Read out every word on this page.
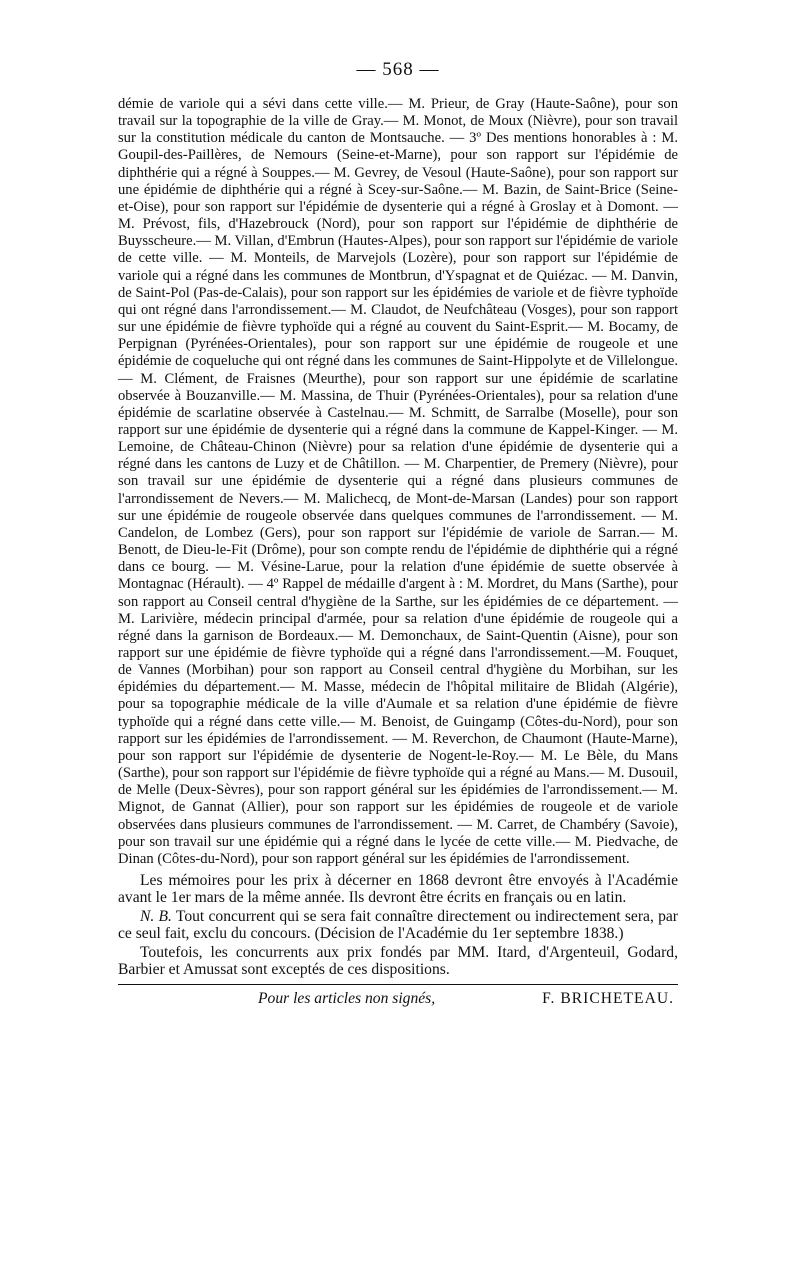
— 568 —

démie de variole qui a sévi dans cette ville.— M. Prieur, de Gray (Haute-Saône), pour son travail sur la topographie de la ville de Gray.— M. Monot, de Moux (Nièvre), pour son travail sur la constitution médicale du canton de Montsauche. — 3º Des mentions honorables à : M. Goupil-des-Paillères, de Nemours (Seine-et-Marne), pour son rapport sur l'épidémie de diphthérie qui a régné à Souppes.— M. Gevrey, de Vesoul (Haute-Saône), pour son rapport sur une épidémie de diphthérie qui a régné à Scey-sur-Saône.— M. Bazin, de Saint-Brice (Seine-et-Oise), pour son rapport sur l'épidémie de dysenterie qui a régné à Groslay et à Domont. — M. Prévost, fils, d'Hazebrouck (Nord), pour son rapport sur l'épidémie de diphthérie de Buysscheure.— M. Villan, d'Embrun (Hautes-Alpes), pour son rapport sur l'épidémie de variole de cette ville. — M. Monteils, de Marvejols (Lozère), pour son rapport sur l'épidémie de variole qui a régné dans les communes de Montbrun, d'Yspagnat et de Quiézac. — M. Danvin, de Saint-Pol (Pas-de-Calais), pour son rapport sur les épidémies de variole et de fièvre typhoïde qui ont régné dans l'arrondissement.— M. Claudot, de Neufchâteau (Vosges), pour son rapport sur une épidémie de fièvre typhoïde qui a régné au couvent du Saint-Esprit.— M. Bocamy, de Perpignan (Pyrénées-Orientales), pour son rapport sur une épidémie de rougeole et une épidémie de coqueluche qui ont régné dans les communes de Saint-Hippolyte et de Villelongue.— M. Clément, de Fraisnes (Meurthe), pour son rapport sur une épidémie de scarlatine observée à Bouzanville.— M. Massina, de Thuir (Pyrénées-Orientales), pour sa relation d'une épidémie de scarlatine observée à Castelnau.— M. Schmitt, de Sarralbe (Moselle), pour son rapport sur une épidémie de dysenterie qui a régné dans la commune de Kappel-Kinger. — M. Lemoine, de Château-Chinon (Nièvre) pour sa relation d'une épidémie de dysenterie qui a régné dans les cantons de Luzy et de Châtillon. — M. Charpentier, de Premery (Nièvre), pour son travail sur une épidémie de dysenterie qui a régné dans plusieurs communes de l'arrondissement de Nevers.— M. Malichecq, de Mont-de-Marsan (Landes) pour son rapport sur une épidémie de rougeole observée dans quelques communes de l'arrondissement. — M. Candelon, de Lombez (Gers), pour son rapport sur l'épidémie de variole de Sarran.— M. Benott, de Dieu-le-Fit (Drôme), pour son compte rendu de l'épidémie de diphthérie qui a régné dans ce bourg. — M. Vésine-Larue, pour la relation d'une épidémie de suette observée à Montagnac (Hérault). — 4º Rappel de médaille d'argent à : M. Mordret, du Mans (Sarthe), pour son rapport au Conseil central d'hygiène de la Sarthe, sur les épidémies de ce département. — M. Larivière, médecin principal d'armée, pour sa relation d'une épidémie de rougeole qui a régné dans la garnison de Bordeaux.— M. Demonchaux, de Saint-Quentin (Aisne), pour son rapport sur une épidémie de fièvre typhoïde qui a régné dans l'arrondissement.—M. Fouquet, de Vannes (Morbihan) pour son rapport au Conseil central d'hygiène du Morbihan, sur les épidémies du département.— M. Masse, médecin de l'hôpital militaire de Blidah (Algérie), pour sa topographie médicale de la ville d'Aumale et sa relation d'une épidémie de fièvre typhoïde qui a régné dans cette ville.— M. Benoist, de Guingamp (Côtes-du-Nord), pour son rapport sur les épidémies de l'arrondissement. — M. Reverchon, de Chaumont (Haute-Marne), pour son rapport sur l'épidémie de dysenterie de Nogent-le-Roy.— M. Le Bèle, du Mans (Sarthe), pour son rapport sur l'épidémie de fièvre typhoïde qui a régné au Mans.— M. Dusouil, de Melle (Deux-Sèvres), pour son rapport général sur les épidémies de l'arrondissement.— M. Mignot, de Gannat (Allier), pour son rapport sur les épidémies de rougeole et de variole observées dans plusieurs communes de l'arrondissement. — M. Carret, de Chambéry (Savoie), pour son travail sur une épidémie qui a régné dans le lycée de cette ville.— M. Piedvache, de Dinan (Côtes-du-Nord), pour son rapport général sur les épidémies de l'arrondissement.

Les mémoires pour les prix à décerner en 1868 devront être envoyés à l'Académie avant le 1er mars de la même année. Ils devront être écrits en français ou en latin.

N. B. Tout concurrent qui se sera fait connaître directement ou indirectement sera, par ce seul fait, exclu du concours. (Décision de l'Académie du 1er septembre 1838.)

Toutefois, les concurrents aux prix fondés par MM. Itard, d'Argenteuil, Godard, Barbier et Amussat sont exceptés de ces dispositions.

Pour les articles non signés,	F. BRICHETEAU.
